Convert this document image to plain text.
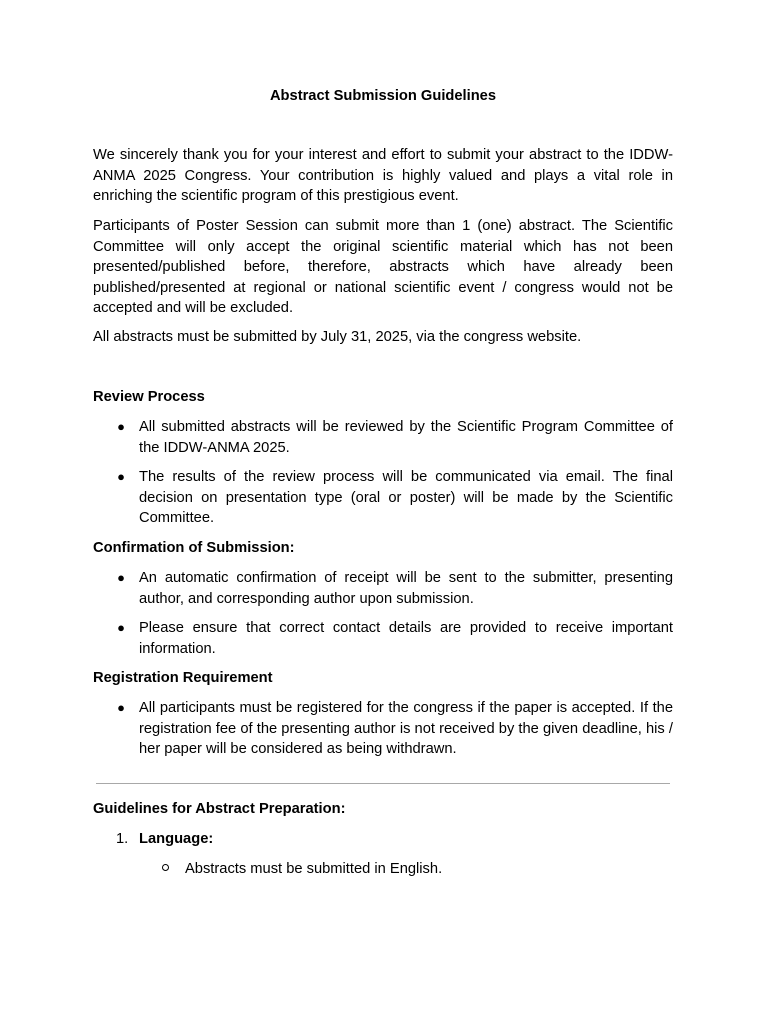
Abstract Submission Guidelines

We sincerely thank you for your interest and effort to submit your abstract to the IDDW-ANMA 2025 Congress. Your contribution is highly valued and plays a vital role in enriching the scientific program of this prestigious event.

Participants of Poster Session can submit more than 1 (one) abstract. The Scientific Committee will only accept the original scientific material which has not been presented/published before, therefore, abstracts which have already been published/presented at regional or national scientific event / congress would not be accepted and will be excluded.

All abstracts must be submitted by July 31, 2025, via the congress website.

Review Process
● All submitted abstracts will be reviewed by the Scientific Program Committee of the IDDW-ANMA 2025.
● The results of the review process will be communicated via email. The final decision on presentation type (oral or poster) will be made by the Scientific Committee.
Confirmation of Submission:
● An automatic confirmation of receipt will be sent to the submitter, presenting author, and corresponding author upon submission.
● Please ensure that correct contact details are provided to receive important information.
Registration Requirement
● All participants must be registered for the congress if the paper is accepted. If the registration fee of the presenting author is not received by the given deadline, his / her paper will be considered as being withdrawn.
Guidelines for Abstract Preparation:
1. Language:
Abstracts must be submitted in English.
